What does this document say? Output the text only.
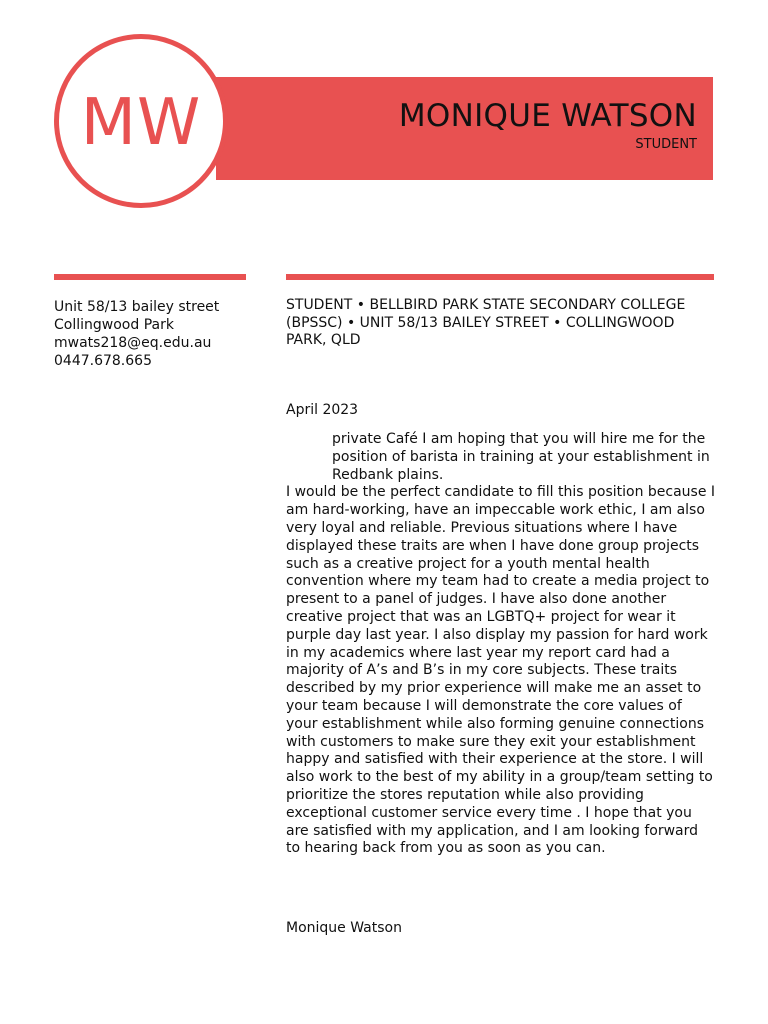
MONIQUE WATSON
STUDENT
MW
Unit 58/13 bailey street
Collingwood Park
mwats218@eq.edu.au
0447.678.665
STUDENT • BELLBIRD PARK STATE SECONDARY COLLEGE (BPSSC) • UNIT 58/13 BAILEY STREET • COLLINGWOOD PARK, QLD
April 2023

private Café I am hoping that you will hire me for the position of barista in training at your establishment in Redbank plains.

I would be the perfect candidate to fill this position because I am hard-working, have an impeccable work ethic, I am also very loyal and reliable. Previous situations where I have displayed these traits are when I have done group projects such as a creative project for a youth mental health convention where my team had to create a media project to present to a panel of judges. I have also done another creative project that was an LGBTQ+ project for wear it purple day last year. I also display my passion for hard work in my academics where last year my report card had a majority of A’s and B’s in my core subjects. These traits described by my prior experience will make me an asset to your team because I will demonstrate the core values of your establishment while also forming genuine connections with customers to make sure they exit your establishment happy and satisfied with their experience at the store. I will also work to the best of my ability in a group/team setting to prioritize the stores reputation while also providing exceptional customer service every time . I hope that you are satisfied with my application, and I am looking forward to hearing back from you as soon as you can.

Monique Watson
